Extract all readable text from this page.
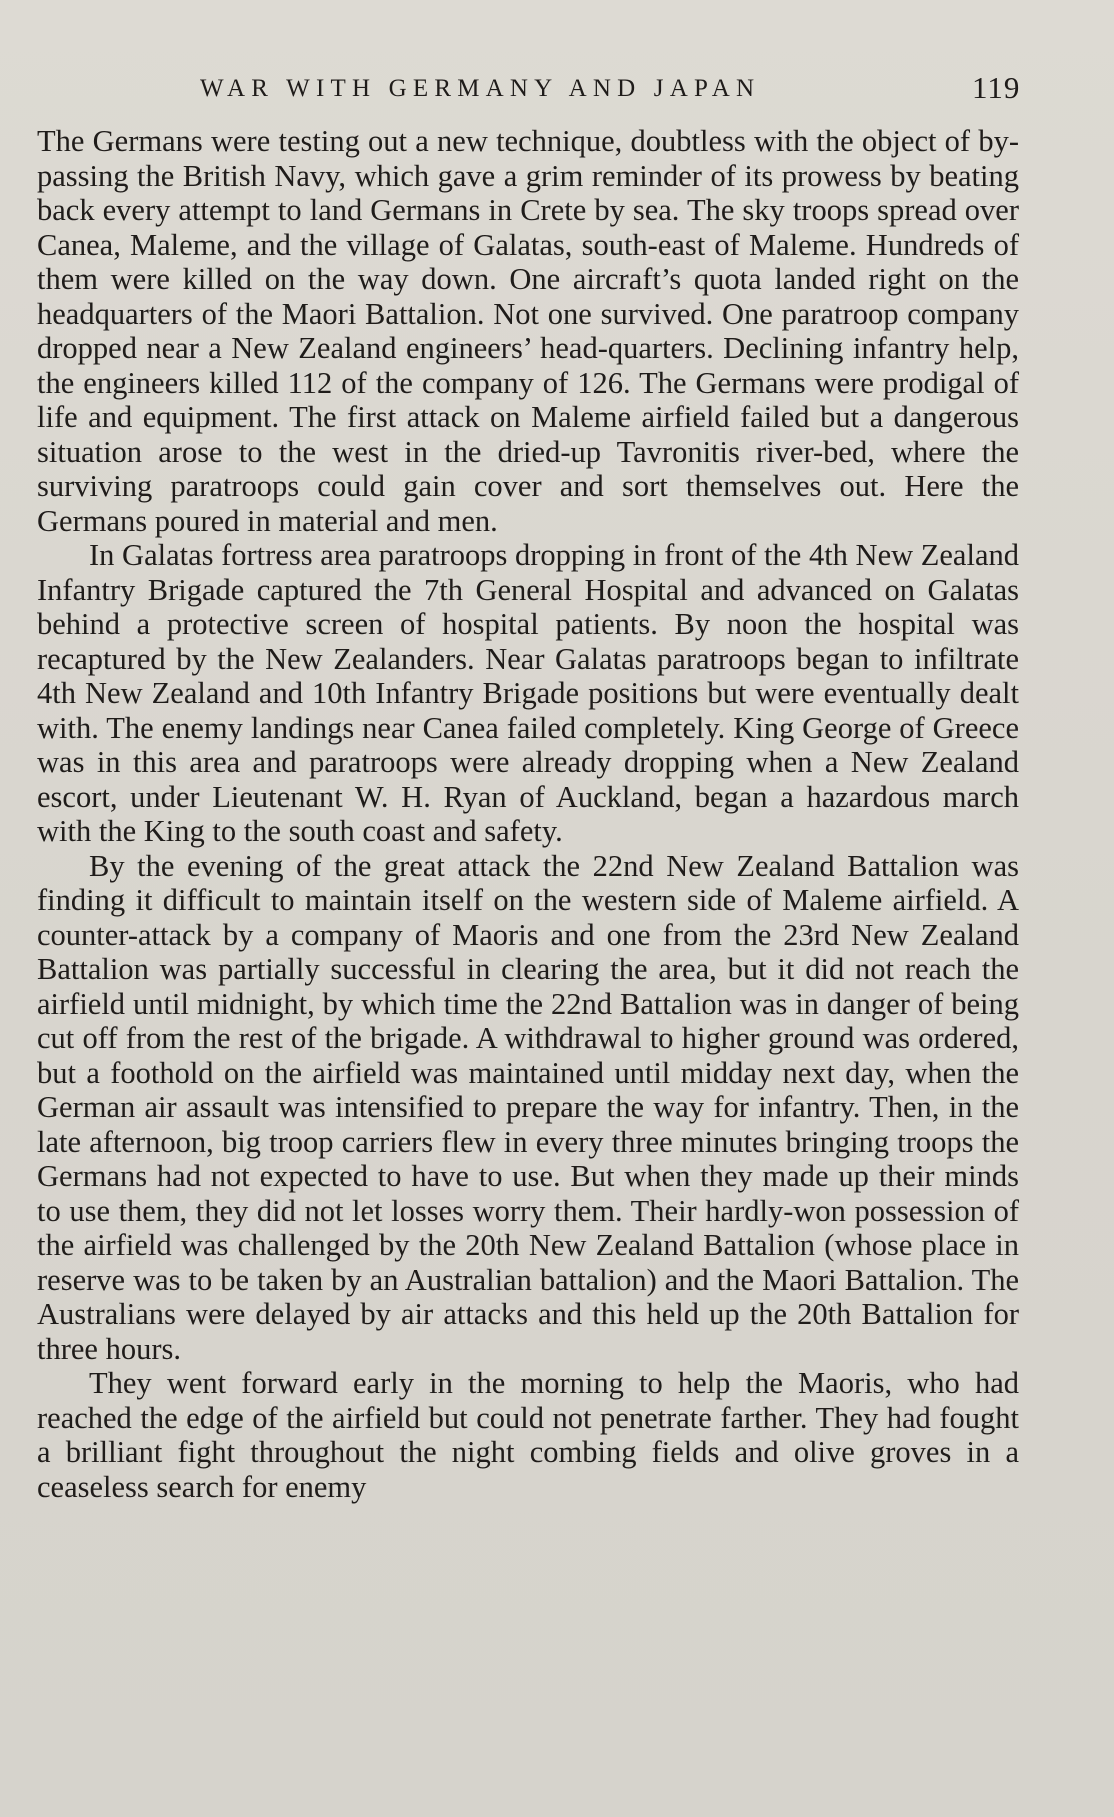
WAR WITH GERMANY AND JAPAN	119

The Germans were testing out a new technique, doubtless with the object of by-passing the British Navy, which gave a grim reminder of its prowess by beating back every attempt to land Germans in Crete by sea. The sky troops spread over Canea, Maleme, and the village of Galatas, south-east of Maleme. Hundreds of them were killed on the way down. One aircraft’s quota landed right on the headquarters of the Maori Battalion. Not one survived. One paratroop company dropped near a New Zealand engineers’ head-quarters. Declining infantry help, the engineers killed 112 of the company of 126. The Germans were prodigal of life and equipment. The first attack on Maleme airfield failed but a dangerous situation arose to the west in the dried-up Tavronitis river-bed, where the surviving paratroops could gain cover and sort themselves out. Here the Germans poured in material and men.

In Galatas fortress area paratroops dropping in front of the 4th New Zealand Infantry Brigade captured the 7th General Hospital and advanced on Galatas behind a protective screen of hospital patients. By noon the hospital was recaptured by the New Zealanders. Near Galatas paratroops began to infiltrate 4th New Zealand and 10th Infantry Brigade positions but were eventually dealt with. The enemy landings near Canea failed completely. King George of Greece was in this area and paratroops were already dropping when a New Zealand escort, under Lieutenant W. H. Ryan of Auckland, began a hazardous march with the King to the south coast and safety.

By the evening of the great attack the 22nd New Zealand Battalion was finding it difficult to maintain itself on the western side of Maleme airfield. A counter-attack by a company of Maoris and one from the 23rd New Zealand Battalion was partially successful in clearing the area, but it did not reach the airfield until midnight, by which time the 22nd Battalion was in danger of being cut off from the rest of the brigade. A withdrawal to higher ground was ordered, but a foothold on the airfield was maintained until midday next day, when the German air assault was intensified to prepare the way for infantry. Then, in the late afternoon, big troop carriers flew in every three minutes bringing troops the Germans had not expected to have to use. But when they made up their minds to use them, they did not let losses worry them. Their hardly-won possession of the airfield was challenged by the 20th New Zealand Battalion (whose place in reserve was to be taken by an Australian battalion) and the Maori Battalion. The Australians were delayed by air attacks and this held up the 20th Battalion for three hours.

They went forward early in the morning to help the Maoris, who had reached the edge of the airfield but could not penetrate farther. They had fought a brilliant fight throughout the night combing fields and olive groves in a ceaseless search for enemy
